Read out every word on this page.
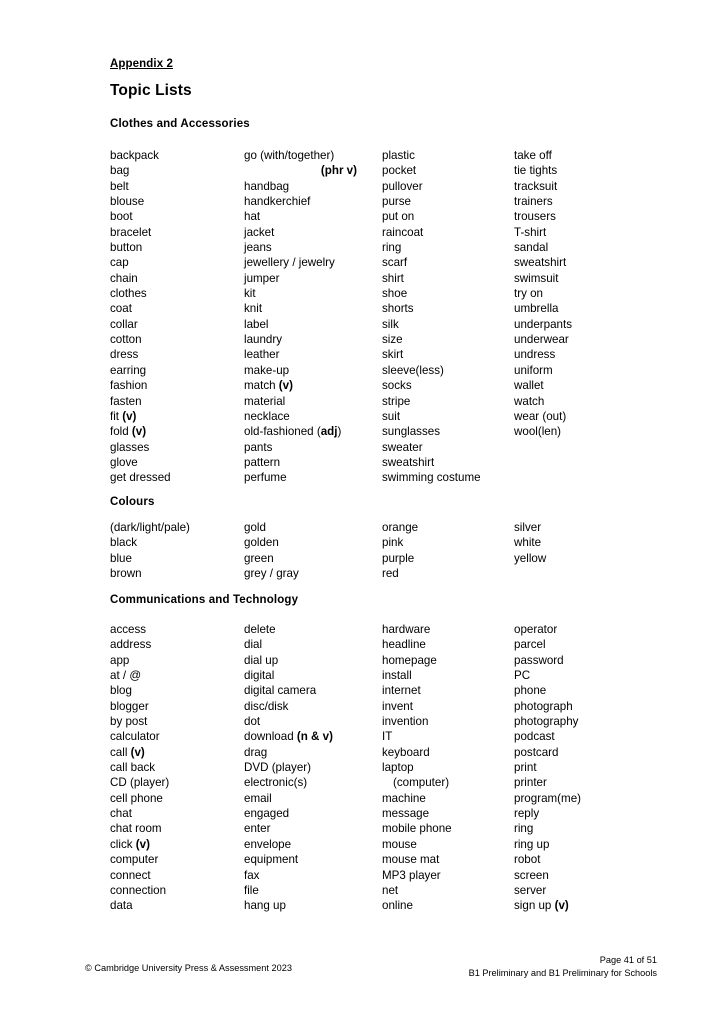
Appendix 2
Topic Lists
Clothes and Accessories
backpack
bag
belt
blouse
boot
bracelet
button
cap
chain
clothes
coat
collar
cotton
dress
earring
fashion
fasten
fit (v)
fold (v)
glasses
glove
get dressed
go (with/together)
(phr v)
handbag
handkerchief
hat
jacket
jeans
jewellery / jewelry
jumper
kit
knit
label
laundry
leather
make-up
match (v)
material
necklace
old-fashioned (adj)
pants
pattern
perfume
plastic
pocket
pullover
purse
put on
raincoat
ring
scarf
shirt
shoe
shorts
silk
size
skirt
sleeve(less)
socks
stripe
suit
sunglasses
sweater
sweatshirt
swimming costume
take off
tie tights
tracksuit
trainers
trousers
T-shirt
sandal
sweatshirt
swimsuit
try on
umbrella
underpants
underwear
undress
uniform
wallet
watch
wear (out)
wool(len)
Colours
(dark/light/pale)
black
blue
brown
gold
golden
green
grey / gray
orange
pink
purple
red
silver
white
yellow
Communications and Technology
access
address
app
at / @
blog
blogger
by post
calculator
call (v)
call back
CD (player)
cell phone
chat
chat room
click (v)
computer
connect
connection
data
delete
dial
dial up
digital
digital camera
disc/disk
dot
download (n & v)
drag
DVD (player)
electronic(s)
email
engaged
enter
envelope
equipment
fax
file
hang up
hardware
headline
homepage
install
internet
invent
invention
IT
keyboard
laptop
(computer)
machine
message
mobile phone
mouse
mouse mat
MP3 player
net
online
operator
parcel
password
PC
phone
photograph
photography
podcast
postcard
print
printer
program(me)
reply
ring
ring up
robot
screen
server
sign up (v)
© Cambridge University Press & Assessment 2023
Page 41 of 51
B1 Preliminary and B1 Preliminary for Schools
